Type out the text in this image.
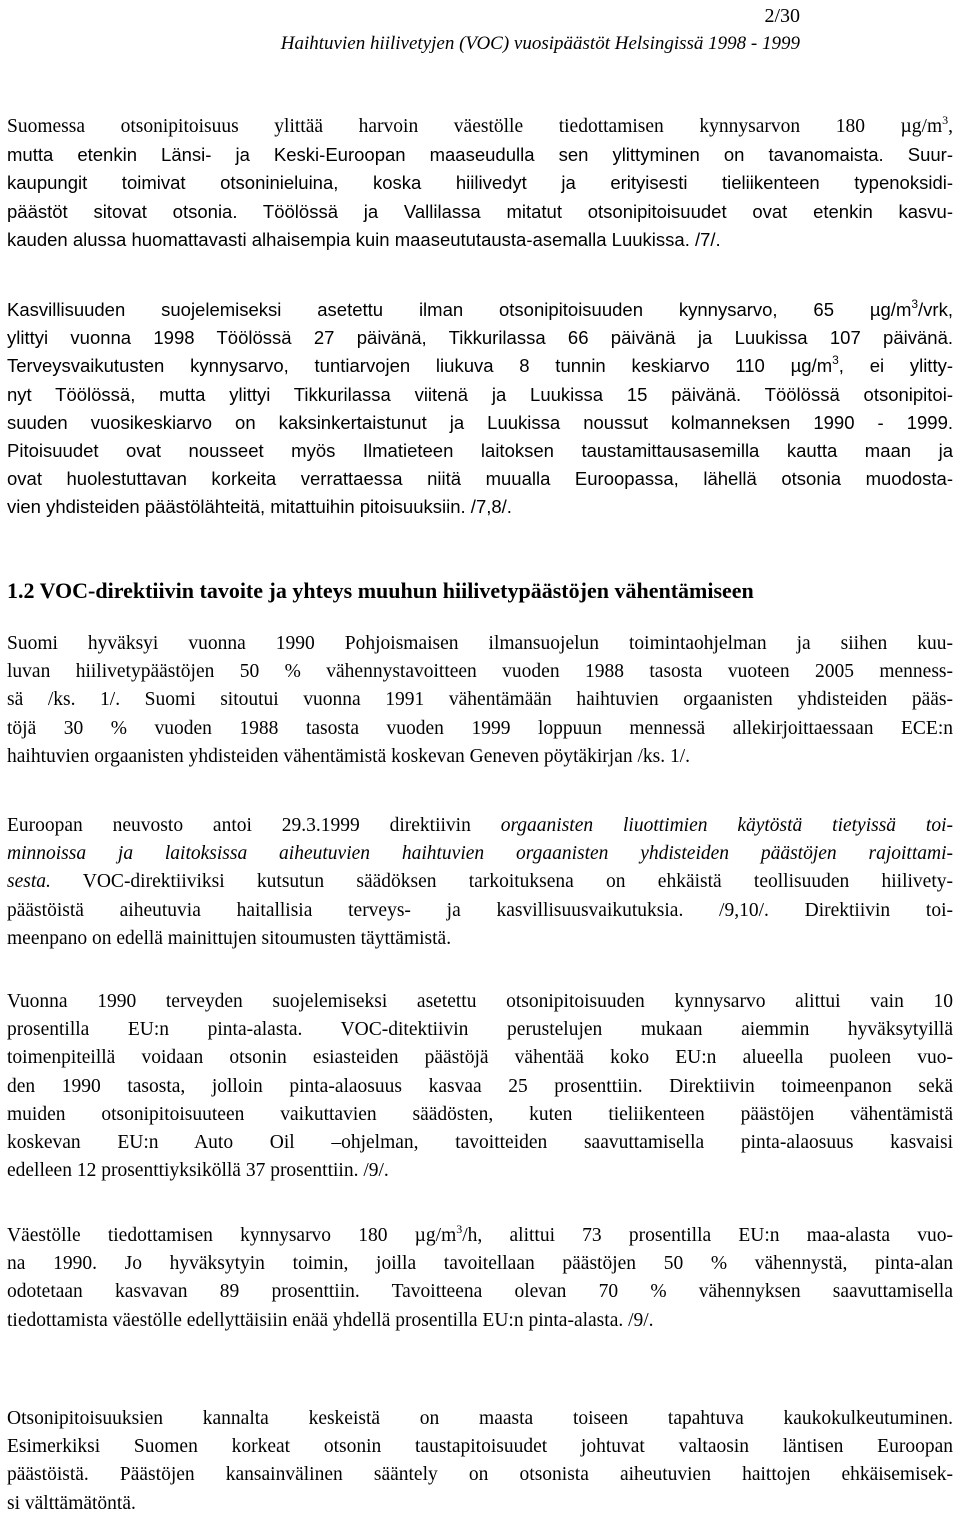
2/30
Haihtuvien hiilivetyjen (VOC) vuosipäästöt Helsingissä 1998 - 1999

Suomessa otsonipitoisuus ylittää harvoin väestölle tiedottamisen kynnysarvon 180 $\mu g/m^3$,
mutta etenkin Länsi- ja Keski-Euroopan maaseudulla sen ylittyminen on tavanomaista. Suur-
kaupungit toimivat otsoninieluina, koska hiilivedyt ja erityisesti tieliikenteen typenoksidi-
päästöt sitovat otsonia. Töölössä ja Vallilassa mitatut otsonipitoisuudet ovat etenkin kasvu-
kauden alussa huomattavasti alhaisempia kuin maaseututausta-asemalla Luukissa. /7/.

Kasvillisuuden suojelemiseksi asetettu ilman otsonipitoisuuden kynnysarvo, 65 $\mu g/m^3$/vrk,
ylittyi vuonna 1998 Töölössä 27 päivänä, Tikkurilassa 66 päivänä ja Luukissa 107 päivänä.
Terveysvaikutusten kynnysarvo, tuntiarvojen liukuva 8 tunnin keskiarvo 110 $\mu g/m^3$, ei ylitty-
nyt Töölössä, mutta ylittyi Tikkurilassa viitenä ja Luukissa 15 päivänä. Töölössä otsonipitoi-
suuden vuosikeskiarvo on kaksinkertaistunut ja Luukissa noussut kolmanneksen 1990 - 1999.
Pitoisuudet ovat nousseet myös Ilmatieteen laitoksen taustamittausasemilla kautta maan ja
ovat huolestuttavan korkeita verrattaessa niitä muualla Euroopassa, lähellä otsonia muodosta-
vien yhdisteiden päästölähteitä, mitattuihin pitoisuuksiin. /7,8/.

1.2 VOC-direktiivin tavoite ja yhteys muuhun hiilivetypäästöjen vähentämiseen

Suomi hyväksyi vuonna 1990 Pohjoismaisen ilmansuojelun toimintaohjelman ja siihen kuu-
luvan hiilivetypäästöjen 50 % vähennystavoitteen vuoden 1988 tasosta vuoteen 2005 menness-
sä /ks. 1/. Suomi sitoutui vuonna 1991 vähentämään haihtuvien orgaanisten yhdisteiden pääs-
töjä 30 % vuoden 1988 tasosta vuoden 1999 loppuun mennessä allekirjoittaessaan ECE:n
haihtuvien orgaanisten yhdisteiden vähentämistä koskevan Geneven pöytäkirjan /ks. 1/.

Euroopan neuvosto antoi 29.3.1999 direktiivin orgaanisten liuottimien käytöstä tietyissä toi-
minnoissa ja laitoksissa aiheutuvien haihtuvien orgaanisten yhdisteiden päästöjen rajoittami-
sesta. VOC-direktiiviksi kutsutun säädöksen tarkoituksena on ehkäistä teollisuuden hiilivety-
päästöistä aiheutuvia haitallisia terveys- ja kasvillisuusvaikutuksia. /9,10/. Direktiivin toi-
meenpano on edellä mainittujen sitoumusten täyttämistä.

Vuonna 1990 terveyden suojelemiseksi asetettu otsonipitoisuuden kynnysarvo alittui vain 10
prosentilla EU:n pinta-alasta. VOC-ditektiivin perustelujen mukaan aiemmin hyväksytyillä
toimenpiteillä voidaan otsonin esiasteiden päästöjä vähentää koko EU:n alueella puoleen vuo-
den 1990 tasosta, jolloin pinta-alaosuus kasvaa 25 prosenttiin. Direktiivin toimeenpanon sekä
muiden otsonipitoisuuteen vaikuttavien säädösten, kuten tieliikenteen päästöjen vähentämistä
koskevan EU:n Auto Oil –ohjelman, tavoitteiden saavuttamisella pinta-alaosuus kasvaisi
edelleen 12 prosenttiyksiköllä 37 prosenttiin. /9/.

Väestölle tiedottamisen kynnysarvo 180 $\mu g/m^3/h$, alittui 73 prosentilla EU:n maa-alasta vuo-
na 1990. Jo hyväksytyin toimin, joilla tavoitellaan päästöjen 50 % vähennystä, pinta-alan
odotetaan kasvavan 89 prosenttiin. Tavoitteena olevan 70 % vähennyksen saavuttamisella
tiedottamista väestölle edellyttäisiin enää yhdellä prosentilla EU:n pinta-alasta. /9/.

Otsonipitoisuuksien kannalta keskeistä on maasta toiseen tapahtuva kaukokulkeutuminen.
Esimerkiksi Suomen korkeat otsonin taustapitoisuudet johtuvat valtaosin läntisen Euroopan
päästöistä. Päästöjen kansainvälinen sääntely on otsonista aiheutuvien haittojen ehkäisemisek-
si välttämätöntä.
